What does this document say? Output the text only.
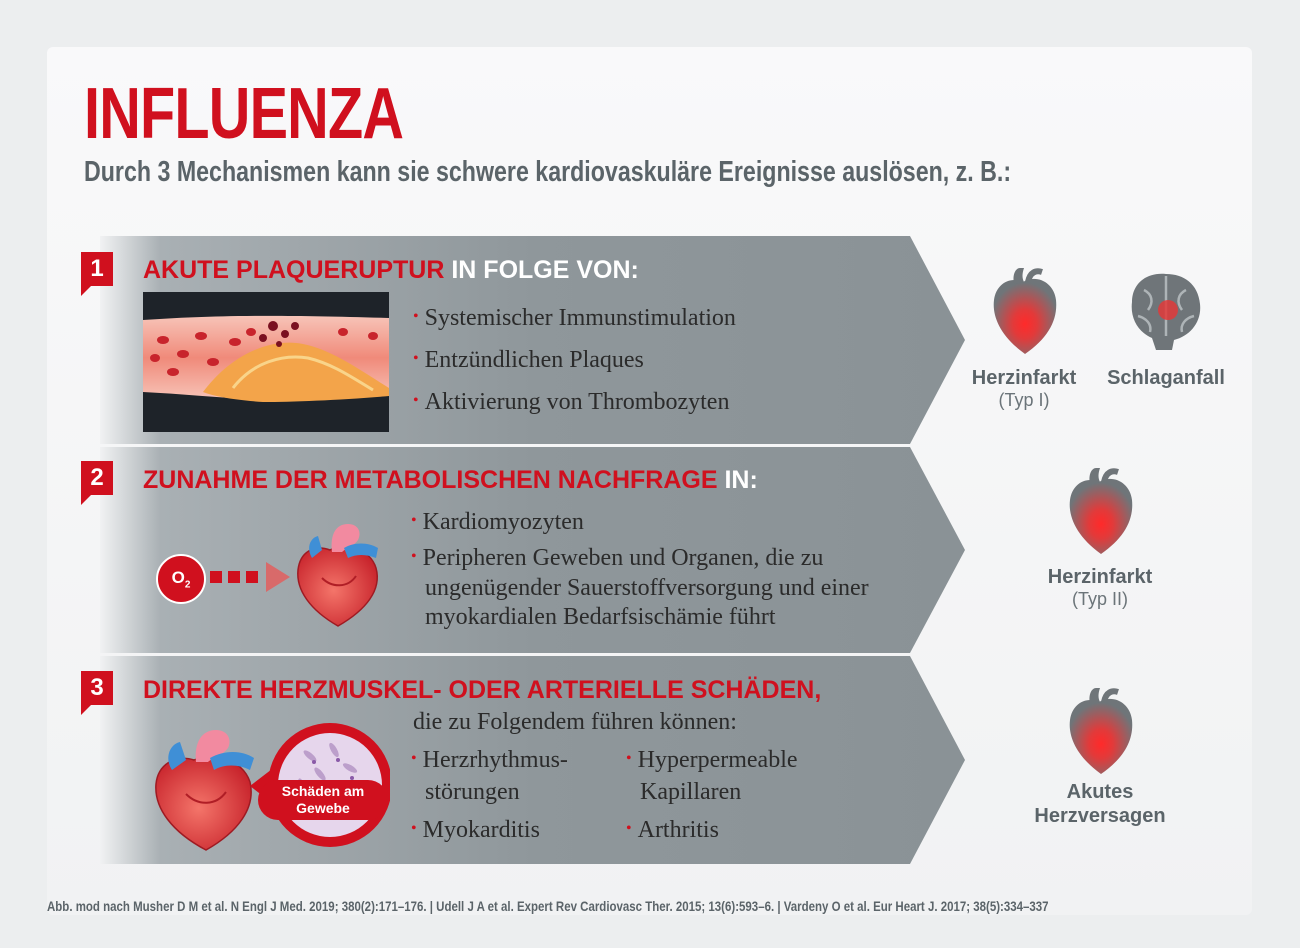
INFLUENZA
Durch 3 Mechanismen kann sie schwere kardiovaskuläre Ereignisse auslösen, z. B.:
1	AKUTE PLAQUERUPTUR IN FOLGE VON:
• Systemischer Immunstimulation
• Entzündlichen Plaques
• Aktivierung von Thrombozyten
Herzinfarkt
(Typ I)
Schlaganfall
2	ZUNAHME DER METABOLISCHEN NACHFRAGE IN:
$O_2$
• Kardiomyozyten
• Peripheren Geweben und Organen, die zu
ungenügender Sauerstoffversorgung und einer
myokardialen Bedarfsischämie führt
Herzinfarkt
(Typ II)
3	DIREKTE HERZMUSKEL- ODER ARTERIELLE SCHÄDEN,
Schäden am
Gewebe
die zu Folgendem führen können:
• Herzrhythmus-
störungen
• Myokarditis
• Hyperpermeable
Kapillaren
• Arthritis
Akutes
Herzversagen
Abb. mod nach Musher D M et al. N Engl J Med. 2019; 380(2):171–176. | Udell J A et al. Expert Rev Cardiovasc Ther. 2015; 13(6):593–6. | Vardeny O et al. Eur Heart J. 2017; 38(5):334–337
